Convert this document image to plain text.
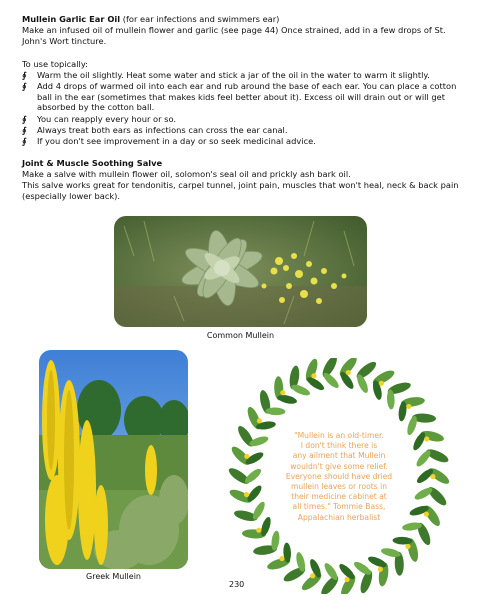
Mullein Garlic Ear Oil (for ear infections and swimmers ear)
Make an infused oil of mullein flower and garlic (see page 44) Once strained, add in a few drops of St.
John's Wort tincture.
To use topically:
∮	Warm the oil slightly. Heat some water and stick a jar of the oil in the water to warm it slightly.
∮	Add 4 drops of warmed oil into each ear and rub around the base of each ear. You can place a cotton
ball in the ear (sometimes that makes kids feel better about it). Excess oil will drain out or will get
absorbed by the cotton ball.
∮	You can reapply every hour or so.
∮	Always treat both ears as infections can cross the ear canal.
∮	If you don't see improvement in a day or so seek medicinal advice.
Joint & Muscle Soothing Salve
Make a salve with mullein flower oil, solomon's seal oil and prickly ash bark oil.
This salve works great for tendonitis, carpel tunnel, joint pain, muscles that won't heal, neck & back pain
(especially lower back).
Common Mullein
Greek Mullein
"Mullein is an old-timer.
I don't think there is
any ailment that Mullein
wouldn't give some relief.
Everyone should have dried
mullein leaves or roots in
their medicine cabinet at
all times." Tommie Bass,
Appalachian herbalist
230
